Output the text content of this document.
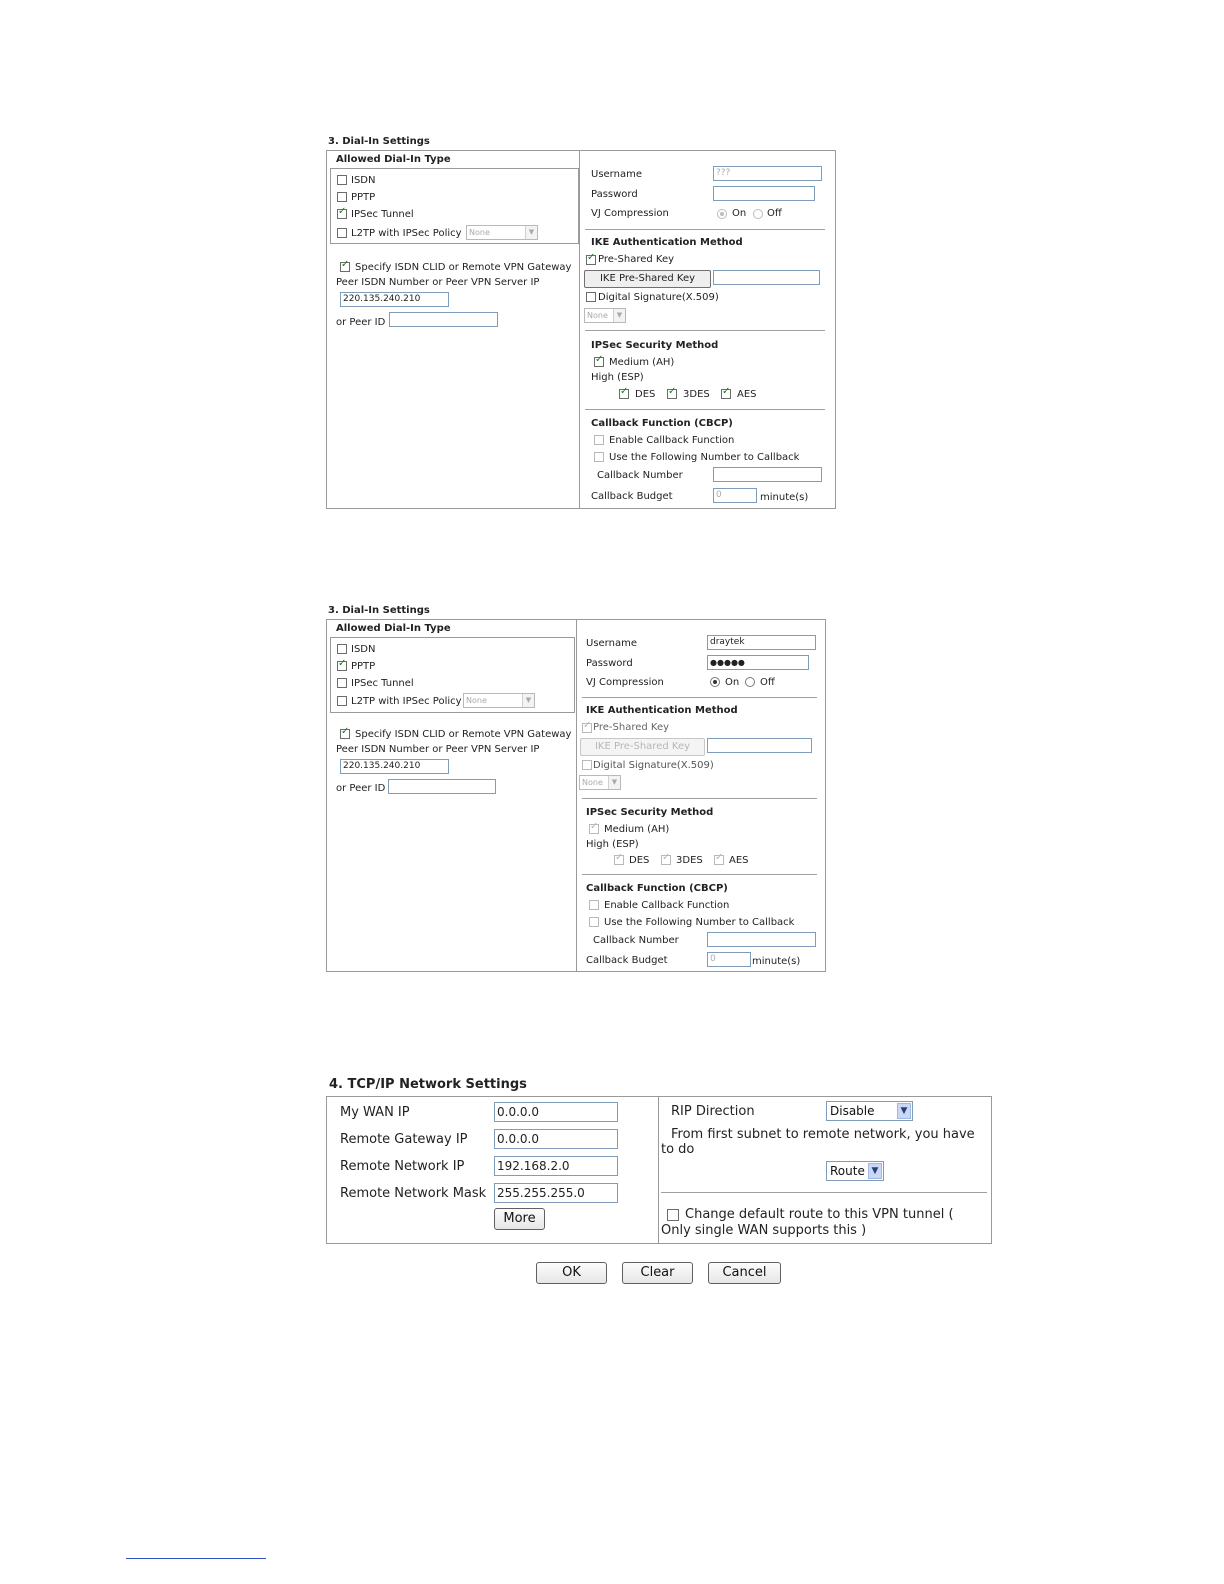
3. Dial-In Settings
Allowed Dial-In Type
ISDN
PPTP
✓
IPSec Tunnel
L2TP with IPSec Policy None	▼
✓
Specify ISDN CLID or Remote VPN Gateway
Peer ISDN Number or Peer VPN Server IP
220.135.240.210
or Peer ID
Username	???
Password
VJ Compression	On Off
IKE Authentication Method
✓
Pre-Shared Key
IKE Pre-Shared Key
Digital Signature(X.509)
None	▼
IPSec Security Method
✓
Medium (AH)
High (ESP)
✓
DES ✓	3DES ✓	AES
Callback Function (CBCP)
Enable Callback Function
Use the Following Number to Callback
Callback Number
Callback Budget	0	minute(s)
3. Dial-In Settings
Allowed Dial-In Type
ISDN
✓
PPTP
IPSec Tunnel
L2TP with IPSec Policy None	▼
✓
Specify ISDN CLID or Remote VPN Gateway
Peer ISDN Number or Peer VPN Server IP
220.135.240.210
or Peer ID
Username	draytek
Password	●●●●●
VJ Compression	On Off
IKE Authentication Method
✓
Pre-Shared Key
IKE Pre-Shared Key
Digital Signature(X.509)
None	▼
IPSec Security Method
✓
Medium (AH)
High (ESP)
✓
DES ✓	3DES ✓	AES
Callback Function (CBCP)
Enable Callback Function
Use the Following Number to Callback
Callback Number
Callback Budget	0	minute(s)
4. TCP/IP Network Settings
My WAN IP	0.0.0.0
Remote Gateway IP 0.0.0.0
Remote Network IP	192.168.2.0
Remote Network Mask 255.255.255.0
More
RIP Direction	Disable	▼
From first subnet to remote network, you have to do
Route ▼
Change default route to this VPN tunnel ( Only single WAN supports this )
OK	Clear	Cancel
